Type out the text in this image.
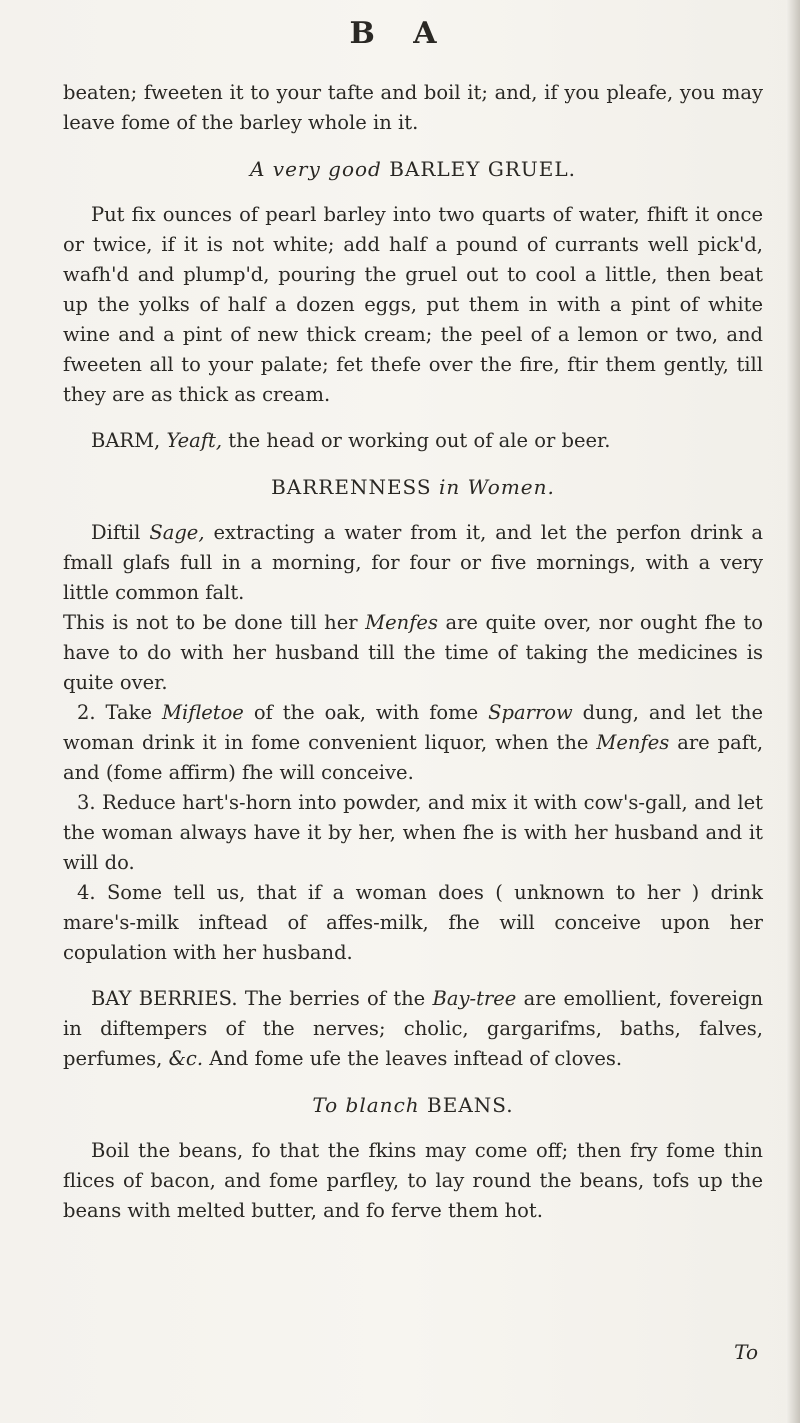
B A

beaten; fweeten it to your tafte and boil it; and, if you pleafe, you may leave fome of the barley whole in it.

A very good BARLEY GRUEL.

Put fix ounces of pearl barley into two quarts of water, fhift it once or twice, if it is not white; add half a pound of currants well pick'd, wafh'd and plump'd, pouring the gruel out to cool a little, then beat up the yolks of half a dozen eggs, put them in with a pint of white wine and a pint of new thick cream; the peel of a lemon or two, and fweeten all to your palate; fet thefe over the fire, ftir them gently, till they are as thick as cream.

BARM, Yeaft, the head or working out of ale or beer.

BARRENNESS in Women.

Diftil Sage, extracting a water from it, and let the perfon drink a fmall glafs full in a morning, for four or five mornings, with a very little common falt.

This is not to be done till her Menfes are quite over, nor ought fhe to have to do with her husband till the time of taking the medicines is quite over.

2. Take Mifletoe of the oak, with fome Sparrow dung, and let the woman drink it in fome convenient liquor, when the Menfes are paft, and (fome affirm) fhe will conceive.

3. Reduce hart's-horn into powder, and mix it with cow's-gall, and let the woman always have it by her, when fhe is with her husband and it will do.

4. Some tell us, that if a woman does ( unknown to her ) drink mare's-milk inftead of affes-milk, fhe will conceive upon her copulation with her husband.

BAY BERRIES. The berries of the Bay-tree are emollient, fovereign in diftempers of the nerves; cholic, gargarifms, baths, falves, perfumes, &c. And fome ufe the leaves inftead of cloves.

To blanch BEANS.

Boil the beans, fo that the fkins may come off; then fry fome thin flices of bacon, and fome parfley, to lay round the beans, tofs up the beans with melted butter, and fo ferve them hot.

To
